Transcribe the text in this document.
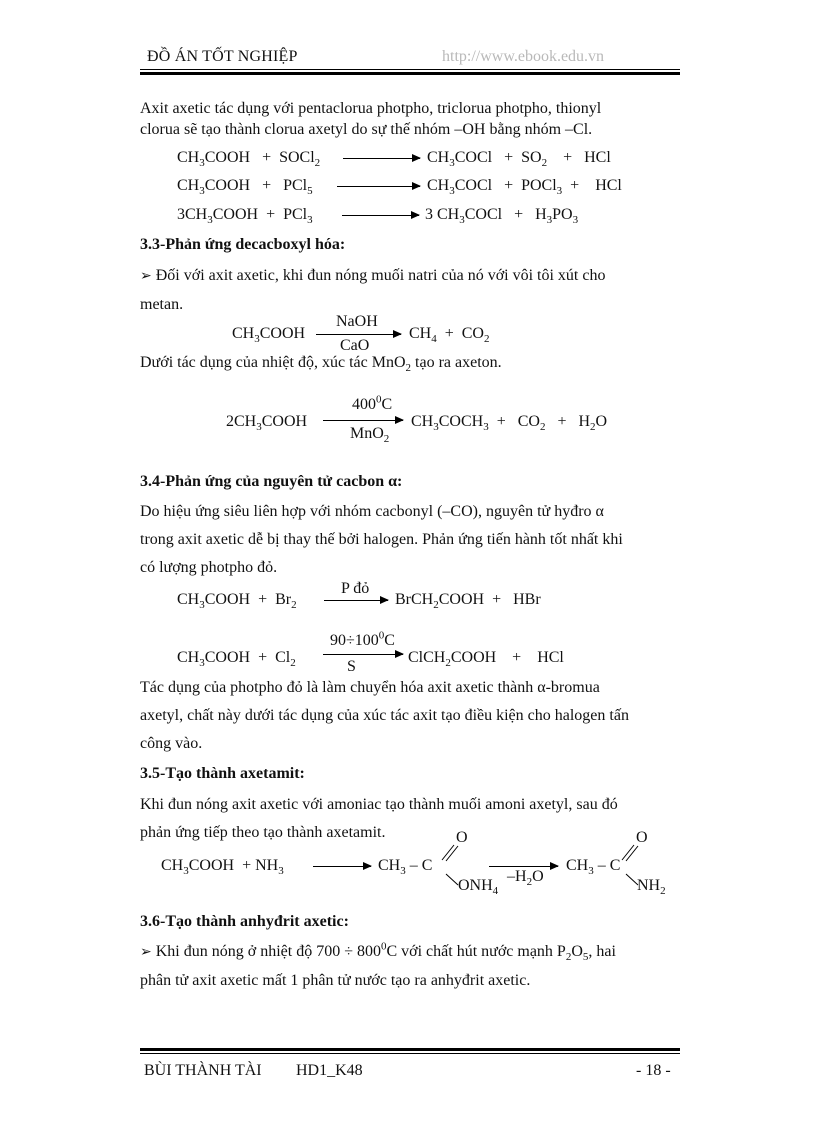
ĐỒ ÁN TỐT NGHIỆP	http://www.ebook.edu.vn
Axit axetic tác dụng với pentaclorua photpho, triclorua photpho, thionyl
clorua sẽ tạo thành clorua axetyl do sự thế nhóm –OH bằng nhóm –Cl.
$CH_3COOH$   +  SOCl$_2$	$CH_3COCl + SO_2$    +   HCl
$CH_3COOH + PCl_5$	$CH_3COCl$   +  POCl$_3$  +    HCl
$3CH_3COOH + PCl_3$	3 $CH_3COCl + H_3PO_3$
3.3-Phản ứng decacboxyl hóa:
➢ Đối với axit axetic, khi đun nóng muối natri của nó với vôi tôi xút cho
metan.
$CH_3COOH$
NaOH
CaO
$CH_4 + CO_2$
Dưới tác dụng của nhiệt độ, xúc tác MnO$_2$ tạo ra axeton.
$2CH_3COOH$
$400^0C$
MnO$_2$
$CH_3COCH_3 + CO_2 + H_2O$
3.4-Phản ứng của nguyên tử cacbon α:
Do hiệu ứng siêu liên hợp với nhóm cacbonyl (–CO), nguyên tử hyđro α
trong axit axetic dễ bị thay thế bởi halogen. Phản ứng tiến hành tốt nhất khi
có lượng photpho đỏ.
$CH_3COOH + Br_2$
P đỏ
BrCH$_2$COOH  +   HBr
$CH_3COOH + Cl_2$
$90\div 100^0C$
S
ClCH$_2$COOH    +    HCl
Tác dụng của photpho đỏ là làm chuyển hóa axit axetic thành α-bromua
axetyl, chất này dưới tác dụng của xúc tác axit tạo điều kiện cho halogen tấn
công vào.
3.5-Tạo thành axetamit:
Khi đun nóng axit axetic với amoniac tạo thành muối amoni axetyl, sau đó
phản ứng tiếp theo tạo thành axetamit.
$CH_3COOH + NH_3$	$CH_3$ – C
O
$ONH_4$
$-H_2O$
$CH_3$ – C
O
$NH_2$
3.6-Tạo thành anhyđrit axetic:
➢ Khi đun nóng ở nhiệt độ $700 \div 800^0C$ với chất hút nước mạnh $P_2O_5$, hai
phân tử axit axetic mất 1 phân tử nước tạo ra anhyđrit axetic.
BÙI THÀNH TÀI HD1_K48	- 18 -
